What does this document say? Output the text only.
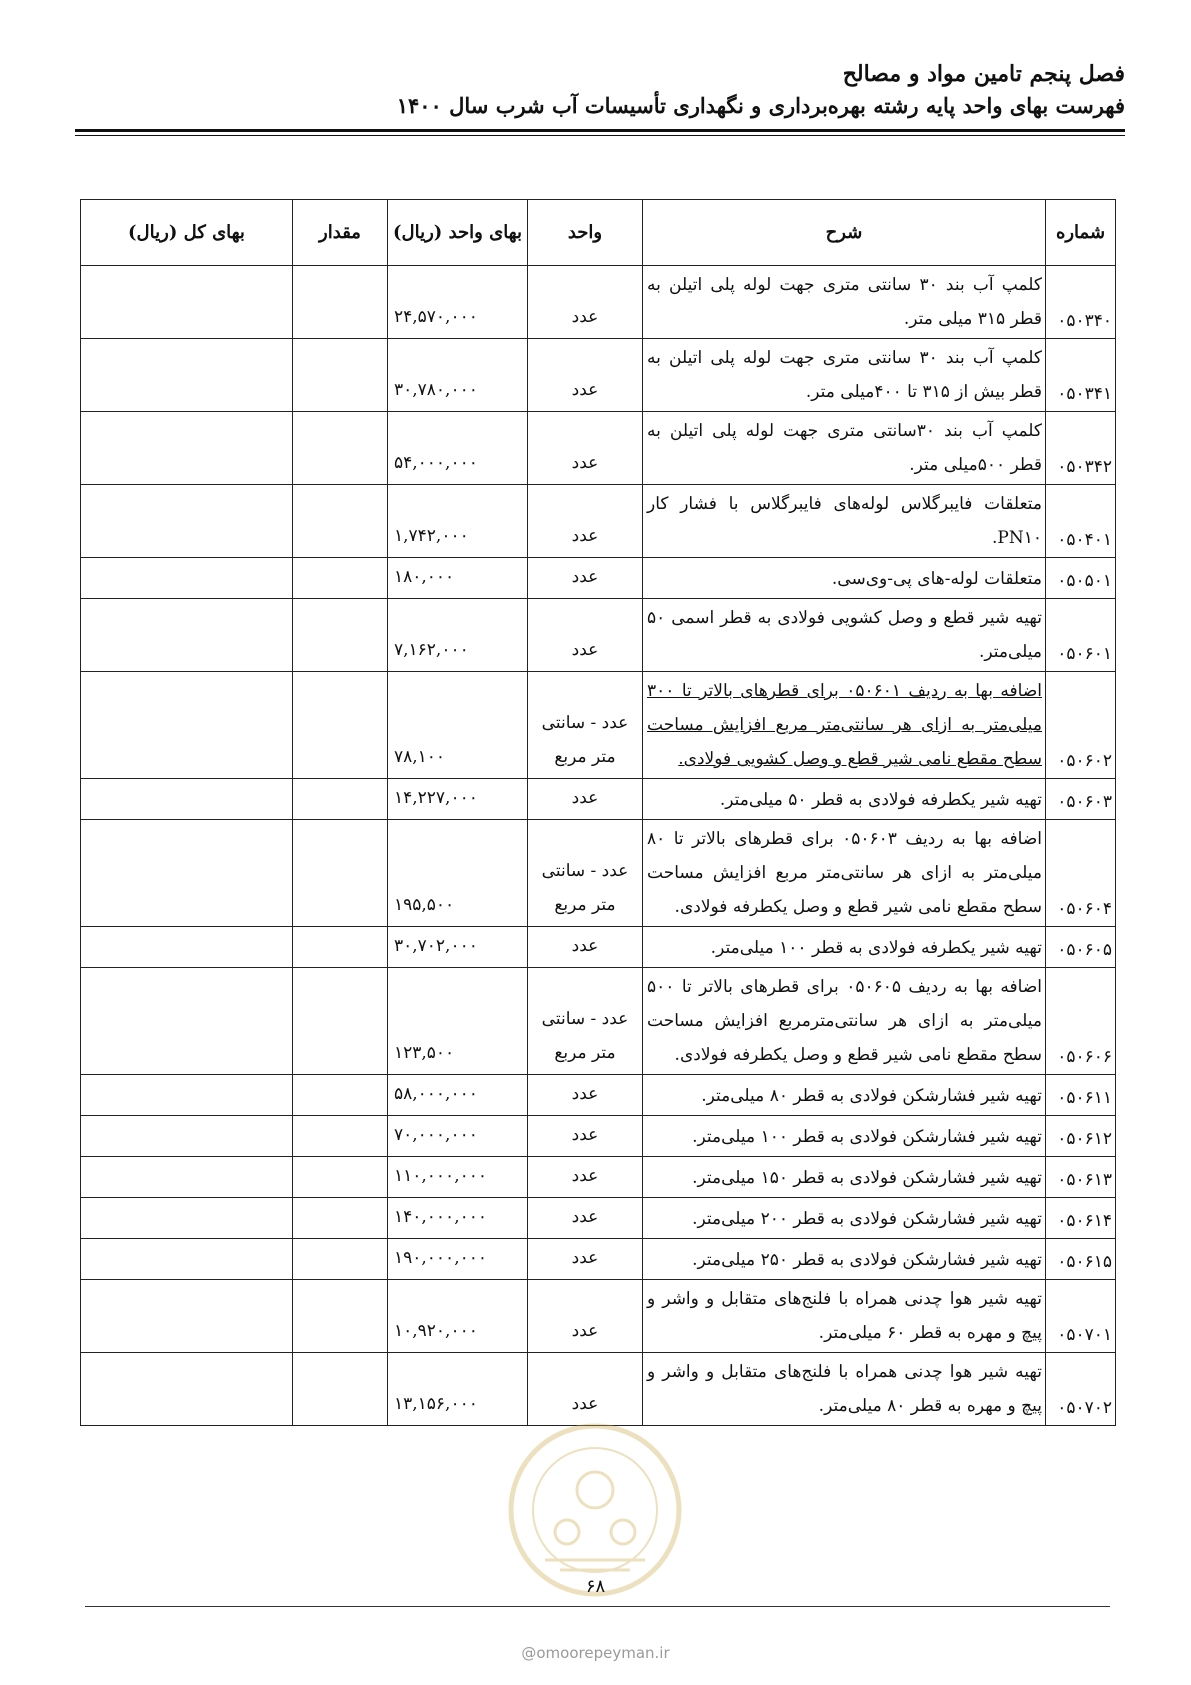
فصل پنجم تامین مواد و مصالح
فهرست بهای واحد پایه رشته بهره‌برداری و نگهداری تأسیسات آب شرب سال ۱۴۰۰
شماره	شرح	واحد	بهای واحد (ریال)	مقدار	بهای کل (ریال)
۰۵۰۳۴۰	کلمپ آب بند ۳۰ سانتی متری جهت لوله پلی اتیلن به قطر ۳۱۵ میلی متر.	عدد	۲۴,۵۷۰,۰۰۰		
۰۵۰۳۴۱	کلمپ آب بند ۳۰ سانتی متری جهت لوله پلی اتیلن به قطر بیش از ۳۱۵ تا ۴۰۰میلی متر.	عدد	۳۰,۷۸۰,۰۰۰		
۰۵۰۳۴۲	کلمپ آب بند ۳۰سانتی متری جهت لوله پلی اتیلن به قطر ۵۰۰میلی متر.	عدد	۵۴,۰۰۰,۰۰۰		
۰۵۰۴۰۱	متعلقات فایبرگلاس لوله‌های فایبرگلاس با فشار کار PN۱۰.	عدد	۱,۷۴۲,۰۰۰		
۰۵۰۵۰۱	متعلقات لوله-های پی-وی‌سی.	عدد	۱۸۰,۰۰۰		
۰۵۰۶۰۱	تهیه شیر قطع و وصل کشویی فولادی به قطر اسمی ۵۰ میلی‌متر.	عدد	۷,۱۶۲,۰۰۰		
۰۵۰۶۰۲	اضافه بها به ردیف ۰۵۰۶۰۱ برای قطرهای بالاتر تا ۳۰۰ میلی‌متر به ازای هر سانتی‌متر مربع افزایش مساحت سطح مقطع نامی شیر قطع و وصل کشویی فولادی.	عدد - سانتی متر مربع	۷۸,۱۰۰		
۰۵۰۶۰۳	تهیه شیر یکطرفه فولادی به قطر ۵۰ میلی‌متر.	عدد	۱۴,۲۲۷,۰۰۰		
۰۵۰۶۰۴	اضافه بها به ردیف ۰۵۰۶۰۳ برای قطرهای بالاتر تا ۸۰ میلی‌متر به ازای هر سانتی‌متر مربع افزایش مساحت سطح مقطع نامی شیر قطع و وصل یکطرفه فولادی.	عدد - سانتی متر مربع	۱۹۵,۵۰۰		
۰۵۰۶۰۵	تهیه شیر یکطرفه فولادی به قطر ۱۰۰ میلی‌متر.	عدد	۳۰,۷۰۲,۰۰۰		
۰۵۰۶۰۶	اضافه بها به ردیف ۰۵۰۶۰۵ برای قطرهای بالاتر تا ۵۰۰ میلی‌متر به ازای هر سانتی‌مترمربع افزایش مساحت سطح مقطع نامی شیر قطع و وصل یکطرفه فولادی.	عدد - سانتی متر مربع	۱۲۳,۵۰۰		
۰۵۰۶۱۱	تهیه شیر فشارشکن فولادی به قطر ۸۰ میلی‌متر.	عدد	۵۸,۰۰۰,۰۰۰		
۰۵۰۶۱۲	تهیه شیر فشارشکن فولادی به قطر ۱۰۰ میلی‌متر.	عدد	۷۰,۰۰۰,۰۰۰		
۰۵۰۶۱۳	تهیه شیر فشارشکن فولادی به قطر ۱۵۰ میلی‌متر.	عدد	۱۱۰,۰۰۰,۰۰۰		
۰۵۰۶۱۴	تهیه شیر فشارشکن فولادی به قطر ۲۰۰ میلی‌متر.	عدد	۱۴۰,۰۰۰,۰۰۰		
۰۵۰۶۱۵	تهیه شیر فشارشکن فولادی به قطر ۲۵۰ میلی‌متر.	عدد	۱۹۰,۰۰۰,۰۰۰		
۰۵۰۷۰۱	تهیه شیر هوا چدنی همراه با فلنج‌های متقابل و واشر و پیچ و مهره به قطر ۶۰ میلی‌متر.	عدد	۱۰,۹۲۰,۰۰۰		
۰۵۰۷۰۲	تهیه شیر هوا چدنی همراه با فلنج‌های متقابل و واشر و پیچ و مهره به قطر ۸۰ میلی‌متر.	عدد	۱۳,۱۵۶,۰۰۰		
۶۸
@omoorepeyman.ir
